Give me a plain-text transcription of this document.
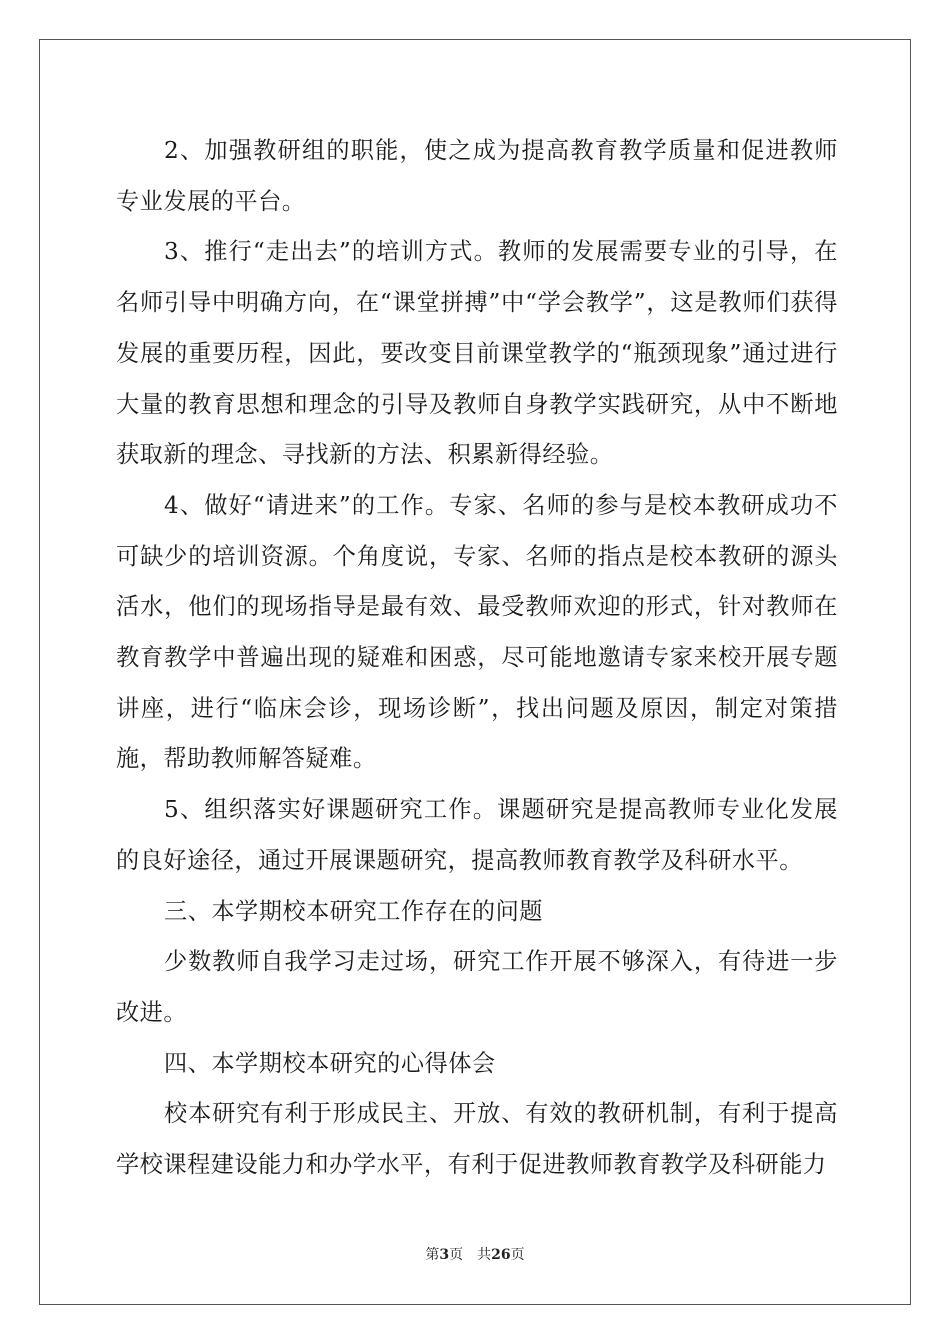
2、加强教研组的职能，使之成为提高教育教学质量和促进教师专业发展的平台。

3、推行“走出去”的培训方式。教师的发展需要专业的引导，在名师引导中明确方向，在“课堂拼搏”中“学会教学”，这是教师们获得发展的重要历程，因此，要改变目前课堂教学的“瓶颈现象”通过进行大量的教育思想和理念的引导及教师自身教学实践研究，从中不断地获取新的理念、寻找新的方法、积累新得经验。

4、做好“请进来”的工作。专家、名师的参与是校本教研成功不可缺少的培训资源。个角度说，专家、名师的指点是校本教研的源头活水，他们的现场指导是最有效、最受教师欢迎的形式，针对教师在教育教学中普遍出现的疑难和困惑，尽可能地邀请专家来校开展专题讲座，进行“临床会诊，现场诊断”，找出问题及原因，制定对策措施，帮助教师解答疑难。

5、组织落实好课题研究工作。课题研究是提高教师专业化发展的良好途径，通过开展课题研究，提高教师教育教学及科研水平。

三、本学期校本研究工作存在的问题

少数教师自我学习走过场，研究工作开展不够深入，有待进一步改进。

四、本学期校本研究的心得体会

校本研究有利于形成民主、开放、有效的教研机制，有利于提高学校课程建设能力和办学水平，有利于促进教师教育教学及科研能力

第3页 共26页
